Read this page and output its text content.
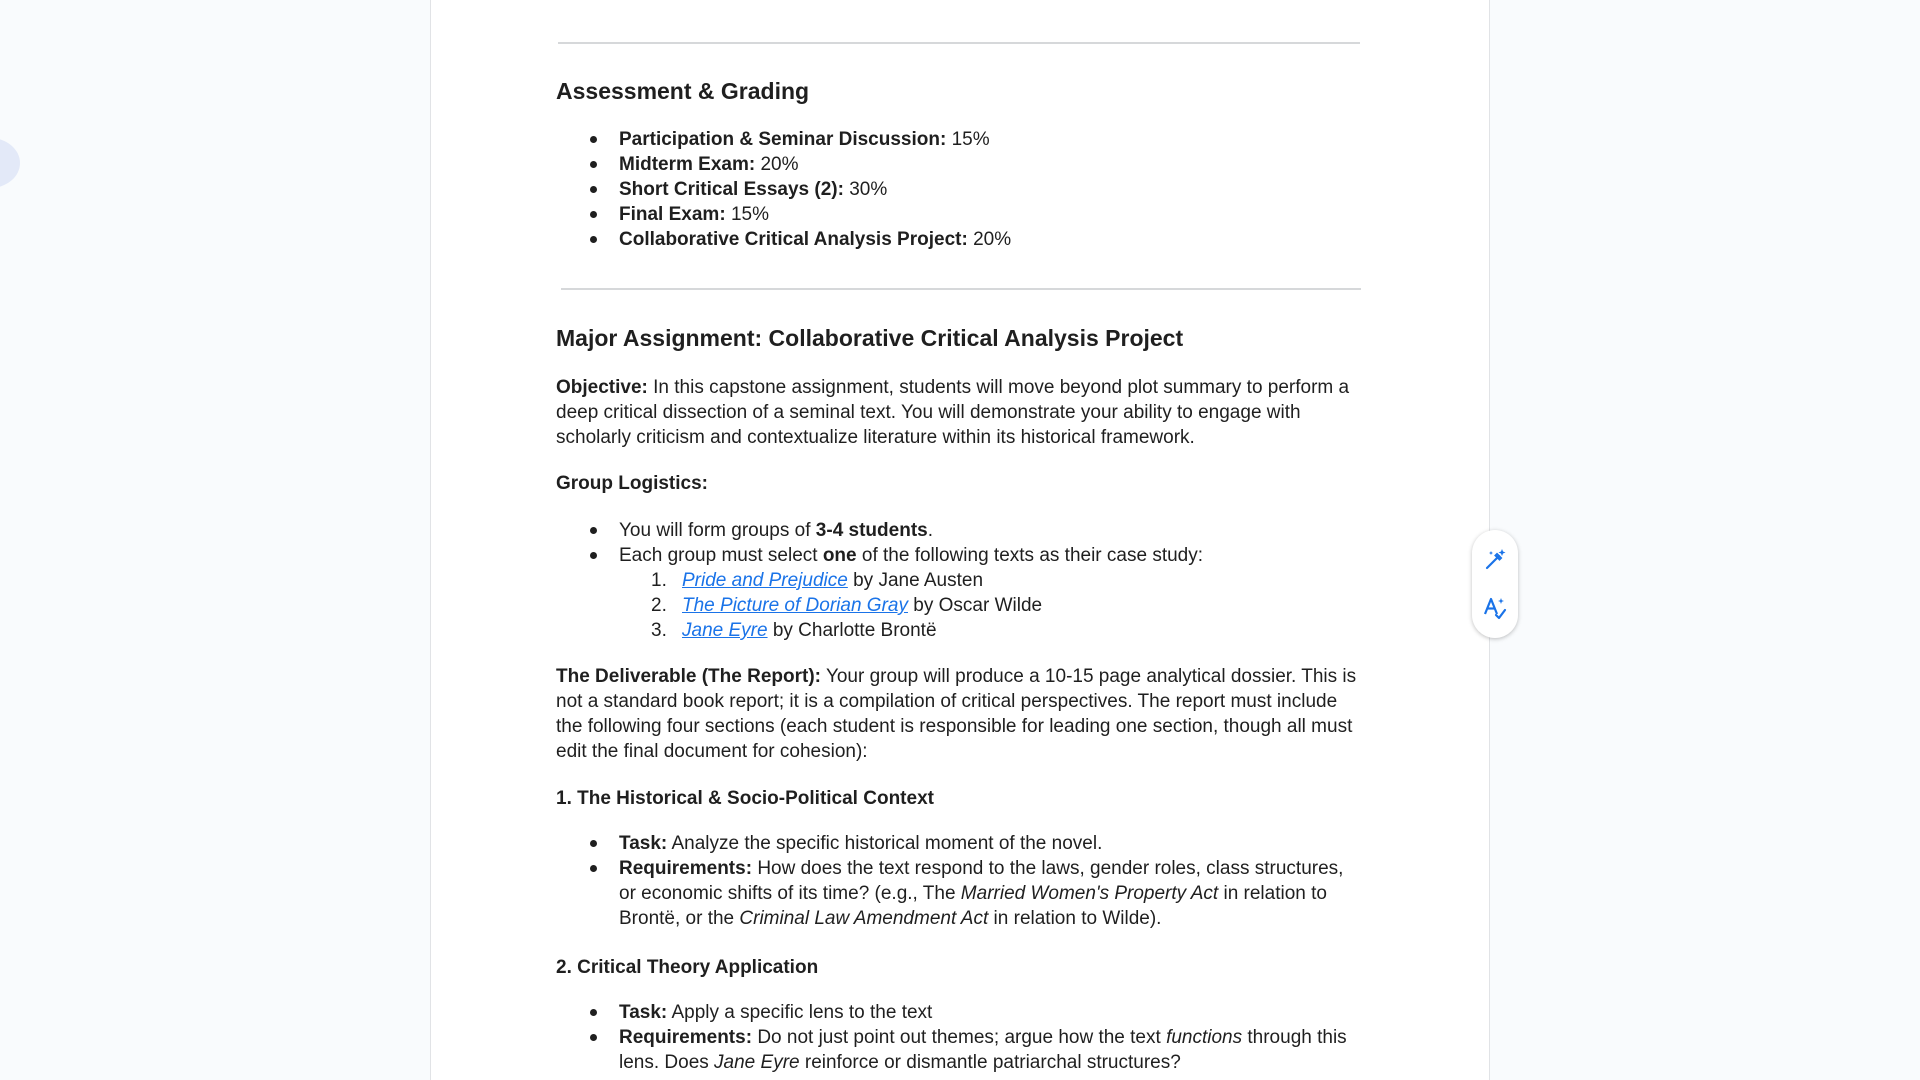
Assessment & Grading
Participation & Seminar Discussion: 15%
Midterm Exam: 20%
Short Critical Essays (2): 30%
Final Exam: 15%
Collaborative Critical Analysis Project: 20%
Major Assignment: Collaborative Critical Analysis Project

Objective: In this capstone assignment, students will move beyond plot summary to perform a deep critical dissection of a seminal text. You will demonstrate your ability to engage with scholarly criticism and contextualize literature within its historical framework.

Group Logistics:

You will form groups of 3-4 students.
Each group must select one of the following texts as their case study:
1. Pride and Prejudice by Jane Austen
2. The Picture of Dorian Gray by Oscar Wilde
3. Jane Eyre by Charlotte Brontë

The Deliverable (The Report): Your group will produce a 10-15 page analytical dossier. This is not a standard book report; it is a compilation of critical perspectives. The report must include the following four sections (each student is responsible for leading one section, though all must edit the final document for cohesion):

1. The Historical & Socio-Political Context

Task: Analyze the specific historical moment of the novel.
Requirements: How does the text respond to the laws, gender roles, class structures, or economic shifts of its time? (e.g., The Married Women's Property Act in relation to Brontë, or the Criminal Law Amendment Act in relation to Wilde).

2. Critical Theory Application

Task: Apply a specific lens to the text
Requirements: Do not just point out themes; argue how the text functions through this lens. Does Jane Eyre reinforce or dismantle patriarchal structures?
